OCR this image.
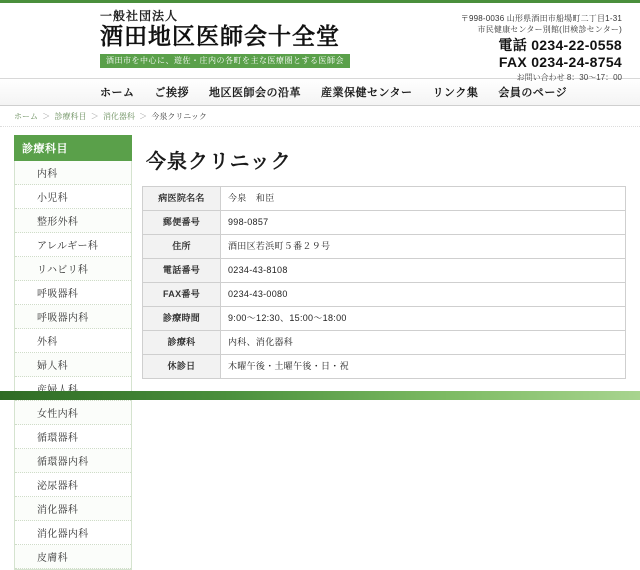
一般社団法人
酒田地区医師会十全堂
酒田市を中心に、遊佐・庄内の各町を主な医療圏とする医師会
〒998-0036 山形県酒田市船場町二丁目1-31
市民健康センター別館(旧検診センター)
電話 0234-22-0558
FAX 0234-24-8754
お問い合わせ 8：30～17：00
ホーム ご挨拶 地区医師会の沿革 産業保健センター リンク集 会員のページ
ホーム ＞ 診療科目 ＞ 消化器科 ＞ 今泉クリニック
診療科目
内科
小児科
整形外科
アレルギー科
リハビリ科
呼吸器科
呼吸器内科
外科
婦人科
女性内科
循環器科
循環器内科
泌尿器科
消化器科
消化器内科
皮膚科
今泉クリニック
病医院名名	今泉　和臣
郵便番号	998-0857
住所	酒田区若浜町５番２９号
電話番号	0234-43-8108
FAX番号	0234-43-0080
診療時間	9:00～12:30、15:00～18:00
診療科	内科、消化器科
休診日	木曜午後・土曜午後・日・祝
